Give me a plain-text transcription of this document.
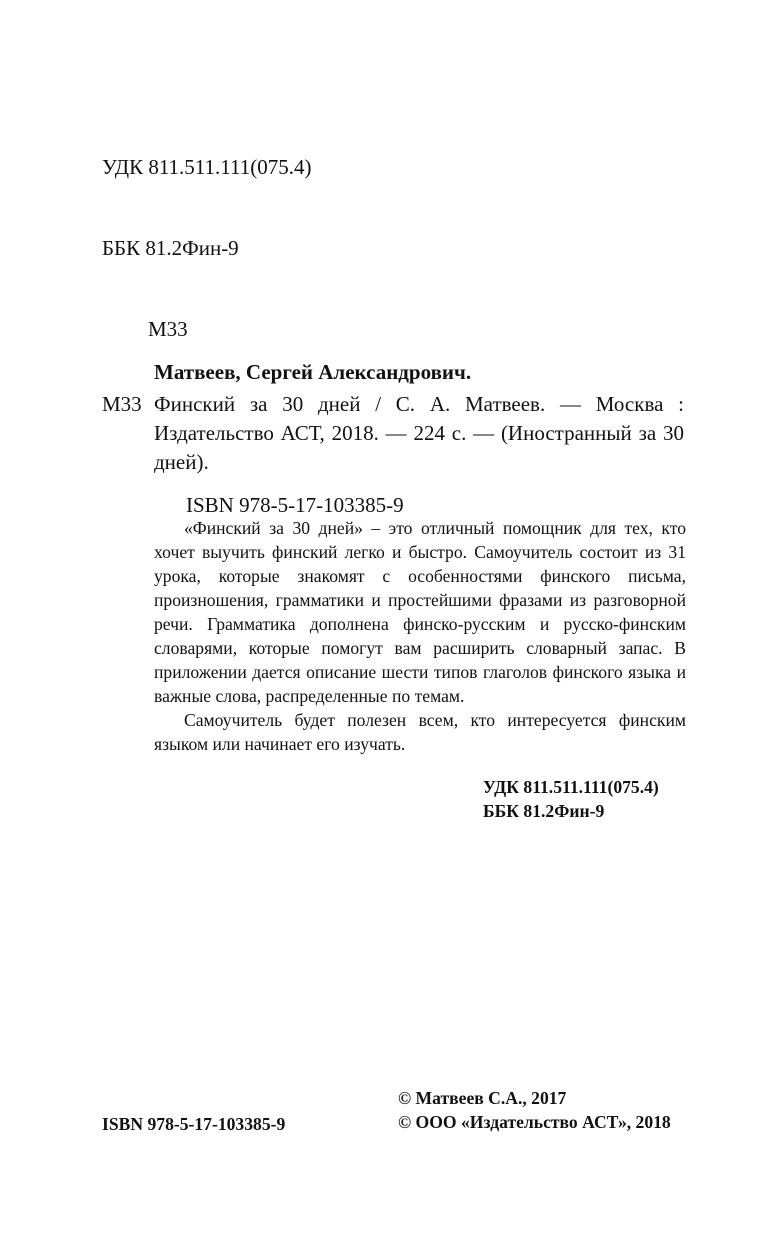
УДК 811.511.111(075.4)

ББК 81.2Фин-9

М33

Матвеев, Сергей Александрович.
М33 Финский за 30 дней / С. А. Матвеев. — Москва : Издательство АСТ, 2018. — 224 с. — (Иностранный за 30 дней).
ISBN 978-5-17-103385-9

«Финский за 30 дней» – это отличный помощник для тех, кто хочет выучить финский легко и быстро. Самоучитель состоит из 31 урока, которые знакомят с особенностями финского письма, произношения, грамматики и простейшими фразами из разговорной речи. Грамматика дополнена финско-русским и русско-финским словарями, которые помогут вам расширить словарный запас. В приложении дается описание шести типов глаголов финского языка и важные слова, распределенные по темам.

Самоучитель будет полезен всем, кто интересуется финским языком или начинает его изучать.

УДК 811.511.111(075.4)
ББК 81.2Фин-9
© Матвеев С.А., 2017
© ООО «Издательство АСТ», 2018
ISBN 978-5-17-103385-9
